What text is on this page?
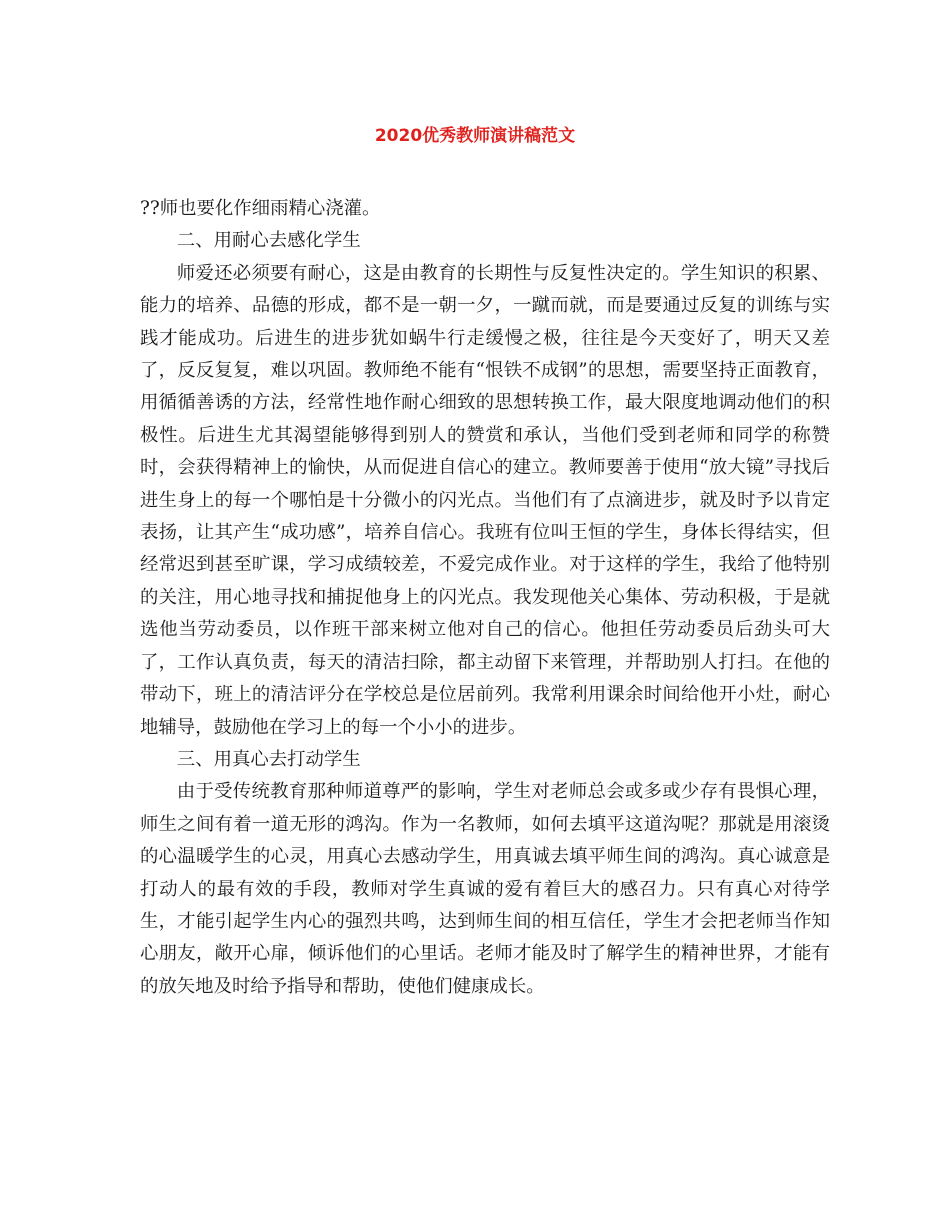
2020优秀教师演讲稿范文

??师也要化作细雨精心浇灌。

二、用耐心去感化学生

师爱还必须要有耐心，这是由教育的长期性与反复性决定的。学生知识的积累、能力的培养、品德的形成，都不是一朝一夕，一蹴而就，而是要通过反复的训练与实践才能成功。后进生的进步犹如蜗牛行走缓慢之极，往往是今天变好了，明天又差了，反反复复，难以巩固。教师绝不能有“恨铁不成钢”的思想，需要坚持正面教育，用循循善诱的方法，经常性地作耐心细致的思想转换工作，最大限度地调动他们的积极性。后进生尤其渴望能够得到别人的赞赏和承认，当他们受到老师和同学的称赞时，会获得精神上的愉快，从而促进自信心的建立。教师要善于使用“放大镜”寻找后进生身上的每一个哪怕是十分微小的闪光点。当他们有了点滴进步，就及时予以肯定表扬，让其产生“成功感”，培养自信心。我班有位叫王恒的学生，身体长得结实，但经常迟到甚至旷课，学习成绩较差，不爱完成作业。对于这样的学生，我给了他特别的关注，用心地寻找和捕捉他身上的闪光点。我发现他关心集体、劳动积极，于是就选他当劳动委员，以作班干部来树立他对自己的信心。他担任劳动委员后劲头可大了，工作认真负责，每天的清洁扫除，都主动留下来管理，并帮助别人打扫。在他的带动下，班上的清洁评分在学校总是位居前列。我常利用课余时间给他开小灶，耐心地辅导，鼓励他在学习上的每一个小小的进步。

三、用真心去打动学生

由于受传统教育那种师道尊严的影响，学生对老师总会或多或少存有畏惧心理，师生之间有着一道无形的鸿沟。作为一名教师，如何去填平这道沟呢？那就是用滚烫的心温暖学生的心灵，用真心去感动学生，用真诚去填平师生间的鸿沟。真心诚意是打动人的最有效的手段，教师对学生真诚的爱有着巨大的感召力。只有真心对待学生，才能引起学生内心的强烈共鸣，达到师生间的相互信任，学生才会把老师当作知心朋友，敞开心扉，倾诉他们的心里话。老师才能及时了解学生的精神世界，才能有的放矢地及时给予指导和帮助，使他们健康成长。
